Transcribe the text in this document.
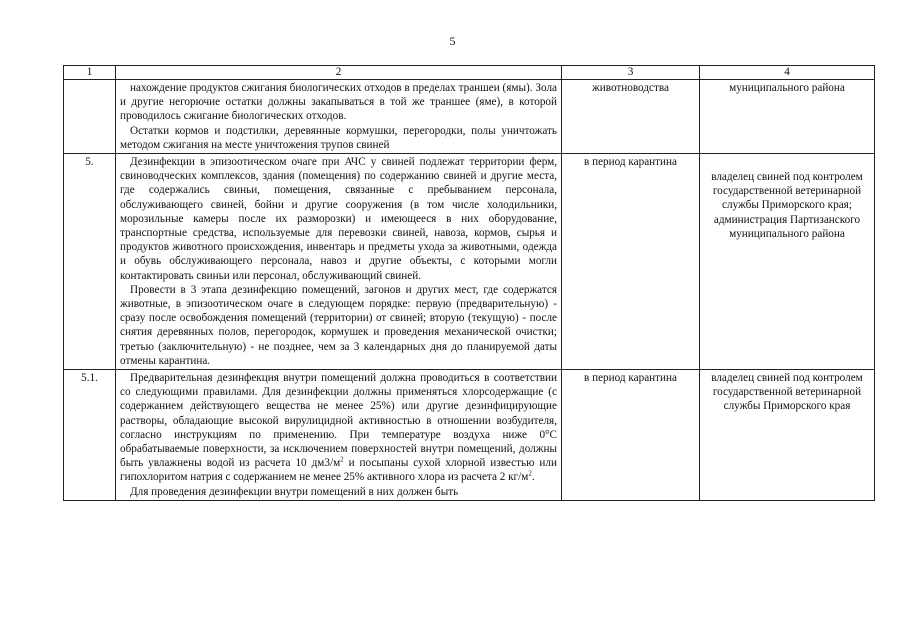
5
1	2	3	4

	нахождение продуктов сжигания биологических отходов в пределах траншеи (ямы). Зола и другие негорючие остатки должны закапываться в той же траншее (яме), в которой проводилось сжигание биологических отходов.

Остатки кормов и подстилки, деревянные кормушки, перегородки, полы уничтожать методом сжигания на месте уничтожения трупов свиней	животноводства	муниципального района
5.	Дезинфекции в эпизоотическом очаге при АЧС у свиней подлежат территории ферм, свиноводческих комплексов, здания (помещения) по содержанию свиней и другие места, где содержались свиньи, помещения, связанные с пребыванием персонала, обслуживающего свиней, бойни и другие сооружения (в том числе холодильники, морозильные камеры после их разморозки) и имеющееся в них оборудование, транспортные средства, используемые для перевозки свиней, навоза, кормов, сырья и продуктов животного происхождения, инвентарь и предметы ухода за животными, одежда и обувь обслуживающего персонала, навоз и другие объекты, с которыми могли контактировать свиньи или персонал, обслуживающий свиней.

Провести в 3 этапа дезинфекцию помещений, загонов и других мест, где содержатся животные, в эпизоотическом очаге в следующем порядке: первую (предварительную) - сразу после освобождения помещений (территории) от свиней; вторую (текущую) - после снятия деревянных полов, перегородок, кормушек и проведения механической очистки; третью (заключительную) - не позднее, чем за 3 календарных дня до планируемой даты отмены карантина.	в период карантина	владелец свиней под контролем государственной ветеринарной службы Приморского края; администрация Партизанского муниципального района
5.1.	Предварительная дезинфекция внутри помещений должна проводиться в соответствии со следующими правилами. Для дезинфекции должны применяться хлорсодержащие (с содержанием действующего вещества не менее 25%) или другие дезинфицирующие растворы, обладающие высокой вирулицидной активностью в отношении возбудителя, согласно инструкциям по применению. При температуре воздуха ниже 0°С обрабатываемые поверхности, за исключением поверхностей внутри помещений, должны быть увлажнены водой из расчета 10 $дм3/м^2$ и посыпаны сухой хлорной известью или гипохлоритом натрия с содержанием не менее 25% активного хлора из расчета 2 $кг/м^2$.

Для проведения дезинфекции внутри помещений в них должен быть	в период карантина	владелец свиней под контролем государственной ветеринарной службы Приморского края
